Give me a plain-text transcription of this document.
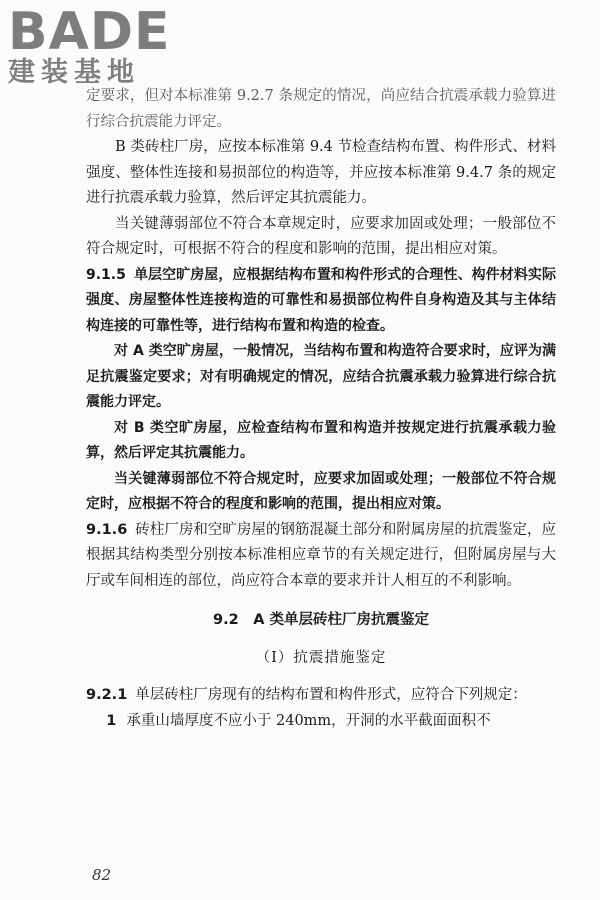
BADE
建装基地

定要求，但对本标准第 9.2.7 条规定的情况，尚应结合抗震承载力验算进行综合抗震能力评定。

B 类砖柱厂房，应按本标准第 9.4 节检查结构布置、构件形式、材料强度、整体性连接和易损部位的构造等，并应按本标准第 9.4.7 条的规定进行抗震承载力验算，然后评定其抗震能力。

当关键薄弱部位不符合本章规定时，应要求加固或处理；一般部位不符合规定时，可根据不符合的程度和影响的范围，提出相应对策。

9.1.5 单层空旷房屋，应根据结构布置和构件形式的合理性、构件材料实际强度、房屋整体性连接构造的可靠性和易损部位构件自身构造及其与主体结构连接的可靠性等，进行结构布置和构造的检查。

对 A 类空旷房屋，一般情况，当结构布置和构造符合要求时，应评为满足抗震鉴定要求；对有明确规定的情况，应结合抗震承载力验算进行综合抗震能力评定。

对 B 类空旷房屋，应检查结构布置和构造并按规定进行抗震承载力验算，然后评定其抗震能力。

当关键薄弱部位不符合规定时，应要求加固或处理；一般部位不符合规定时，应根据不符合的程度和影响的范围，提出相应对策。

9.1.6 砖柱厂房和空旷房屋的钢筋混凝土部分和附属房屋的抗震鉴定，应根据其结构类型分别按本标准相应章节的有关规定进行，但附属房屋与大厅或车间相连的部位，尚应符合本章的要求并计人相互的不利影响。

9.2　A 类单层砖柱厂房抗震鉴定
（Ⅰ）抗震措施鉴定

9.2.1 单层砖柱厂房现有的结构布置和构件形式，应符合下列规定：

1 承重山墙厚度不应小于 240mm，开洞的水平截面面积不

82
